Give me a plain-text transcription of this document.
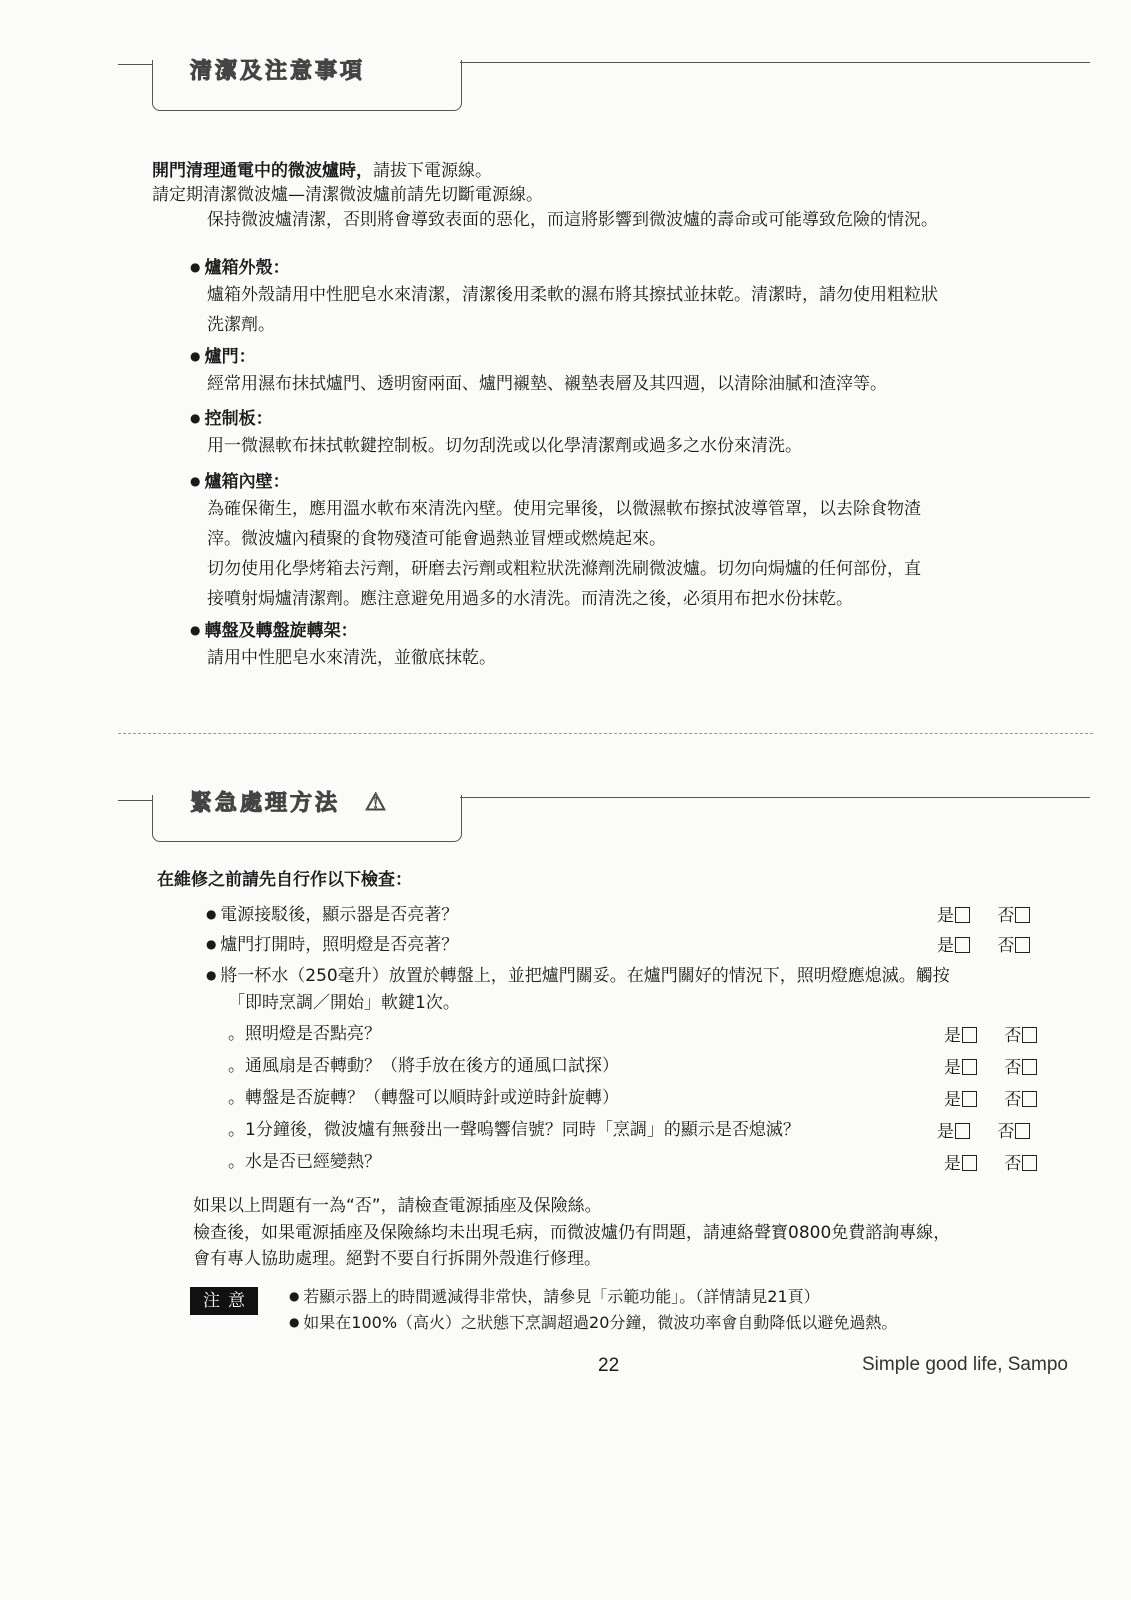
清潔及注意事項
開門清理通電中的微波爐時，請拔下電源線。
請定期清潔微波爐—清潔微波爐前請先切斷電源線。
保持微波爐清潔，否則將會導致表面的惡化，而這將影響到微波爐的壽命或可能導致危險的情況。
● 爐箱外殼：
爐箱外殼請用中性肥皂水來清潔，清潔後用柔軟的濕布將其擦拭並抹乾。清潔時，請勿使用粗粒狀
洗潔劑。
● 爐門：
經常用濕布抹拭爐門、透明窗兩面、爐門襯墊、襯墊表層及其四週，以清除油膩和渣滓等。
● 控制板：
用一微濕軟布抹拭軟鍵控制板。切勿刮洗或以化學清潔劑或過多之水份來清洗。
● 爐箱內壁：
為確保衛生，應用溫水軟布來清洗內壁。使用完畢後，以微濕軟布擦拭波導管罩，以去除食物渣
滓。微波爐內積聚的食物殘渣可能會過熱並冒煙或燃燒起來。
切勿使用化學烤箱去污劑，研磨去污劑或粗粒狀洗滌劑洗刷微波爐。切勿向焗爐的任何部份，直
接噴射焗爐清潔劑。應注意避免用過多的水清洗。而清洗之後，必須用布把水份抹乾。
● 轉盤及轉盤旋轉架：
請用中性肥皂水來清洗，並徹底抹乾。
緊急處理方法 ⚠
在維修之前請先自行作以下檢查：
● 電源接駁後，顯示器是否亮著？	是	否
● 爐門打開時，照明燈是否亮著？	是	否
● 將一杯水（250毫升）放置於轉盤上，並把爐門關妥。在爐門關好的情況下，照明燈應熄滅。觸按
「即時烹調／開始」軟鍵1次。
。照明燈是否點亮？	是	否
。通風扇是否轉動？（將手放在後方的通風口試探）	是	否
。轉盤是否旋轉？（轉盤可以順時針或逆時針旋轉）	是	否
。1分鐘後，微波爐有無發出一聲嗚響信號？同時「烹調」的顯示是否熄滅？	是	否
。水是否已經變熱？	是	否
如果以上問題有一為“否”，請檢查電源插座及保險絲。
檢查後，如果電源插座及保險絲均未出現毛病，而微波爐仍有問題，請連絡聲寶0800免費諮詢專線，
會有專人協助處理。絕對不要自行拆開外殼進行修理。
注意
●	若顯示器上的時間遞減得非常快，請參見「示範功能」。（詳情請見21頁）
● 如果在100%（高火）之狀態下烹調超過20分鐘，微波功率會自動降低以避免過熱。
22	Simple good life, Sampo
